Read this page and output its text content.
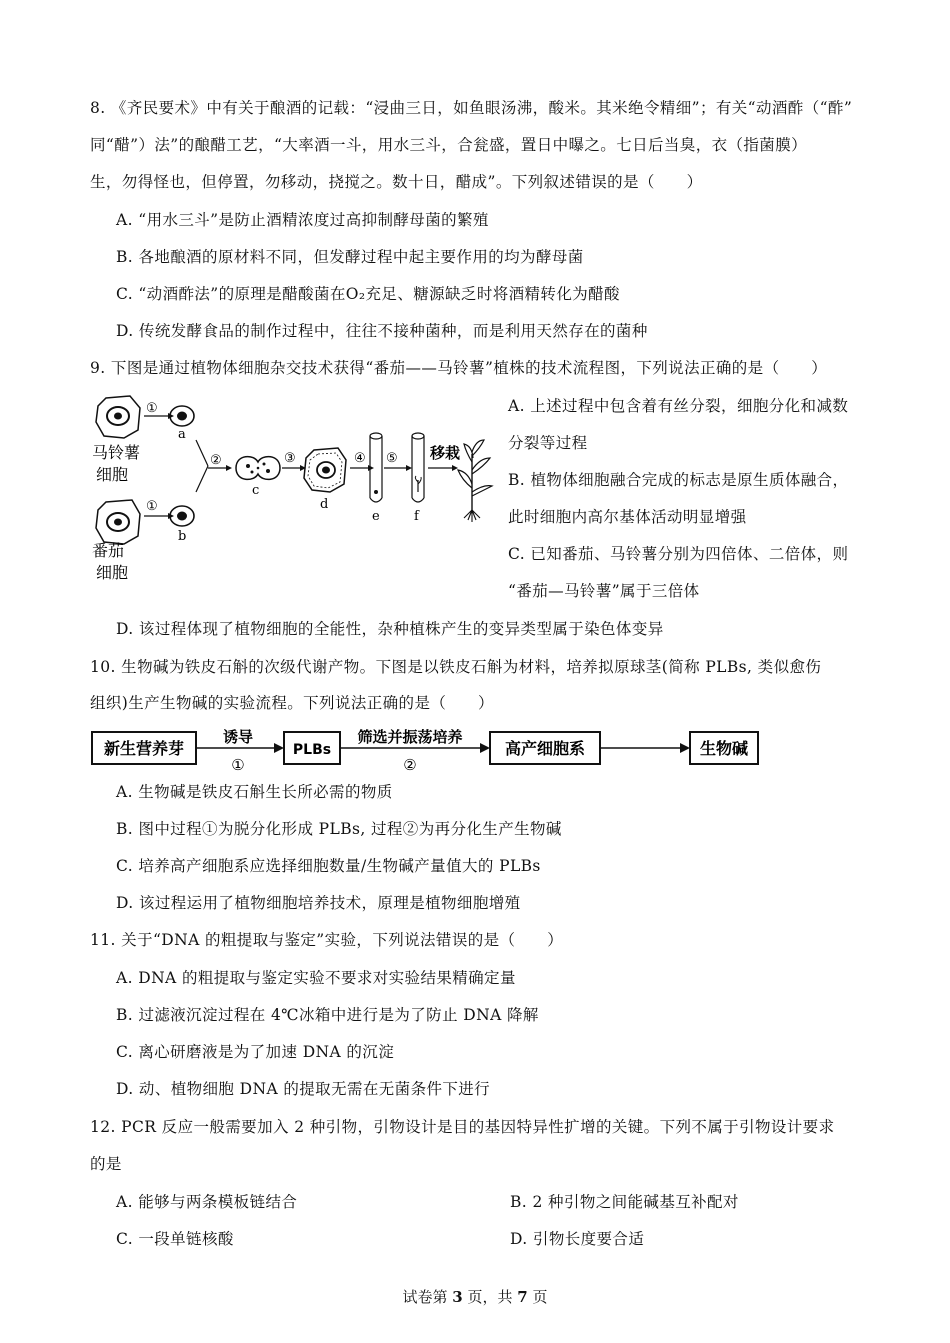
8. 《齐民要术》中有关于酿酒的记载：“浸曲三日，如鱼眼汤沸，酸米。其米绝令精细”；有关“动酒酢（“酢”
同“醋”）法”的酿醋工艺，“大率酒一斗，用水三斗，合瓮盛，置日中曝之。七日后当臭，衣（指菌膜）
生，勿得怪也，但停置，勿移动，挠搅之。数十日，醋成”。下列叙述错误的是（　　）
A. “用水三斗”是防止酒精浓度过高抑制酵母菌的繁殖
B. 各地酿酒的原材料不同，但发酵过程中起主要作用的均为酵母菌
C. “动酒酢法”的原理是醋酸菌在O₂充足、糖源缺乏时将酒精转化为醋酸
D. 传统发酵食品的制作过程中，往往不接种菌种，而是利用天然存在的菌种
9. 下图是通过植物体细胞杂交技术获得“番茄——马铃薯”植株的技术流程图，下列说法正确的是（　　）
①
a
马铃薯
细胞
①
b
番茄
细胞
②
c
③
d
④
e
⑤
f
移栽
A. 上述过程中包含着有丝分裂，细胞分化和减数
分裂等过程
B. 植物体细胞融合完成的标志是原生质体融合，
此时细胞内高尔基体活动明显增强
C. 已知番茄、马铃薯分别为四倍体、二倍体，则
“番茄—马铃薯”属于三倍体
D. 该过程体现了植物细胞的全能性，杂种植株产生的变异类型属于染色体变异
10. 生物碱为铁皮石斛的次级代谢产物。下图是以铁皮石斛为材料，培养拟原球茎(简称 PLBs, 类似愈伤
组织)生产生物碱的实验流程。下列说法正确的是（　　）
新生营养芽
诱导
①
PLBs
筛选并振荡培养
②
高产细胞系	生物碱
A. 生物碱是铁皮石斛生长所必需的物质
B. 图中过程①为脱分化形成 PLBs, 过程②为再分化生产生物碱
C. 培养高产细胞系应选择细胞数量/生物碱产量值大的 PLBs
D. 该过程运用了植物细胞培养技术，原理是植物细胞增殖
11. 关于“DNA 的粗提取与鉴定”实验，下列说法错误的是（　　）
A. DNA 的粗提取与鉴定实验不要求对实验结果精确定量
B. 过滤液沉淀过程在 4℃冰箱中进行是为了防止 DNA 降解
C. 离心研磨液是为了加速 DNA 的沉淀
D. 动、植物细胞 DNA 的提取无需在无菌条件下进行
12. PCR 反应一般需要加入 2 种引物，引物设计是目的基因特异性扩增的关键。下列不属于引物设计要求
的是
A. 能够与两条模板链结合	B. 2 种引物之间能碱基互补配对
C. 一段单链核酸	D. 引物长度要合适
试卷第 3 页，共 7 页
